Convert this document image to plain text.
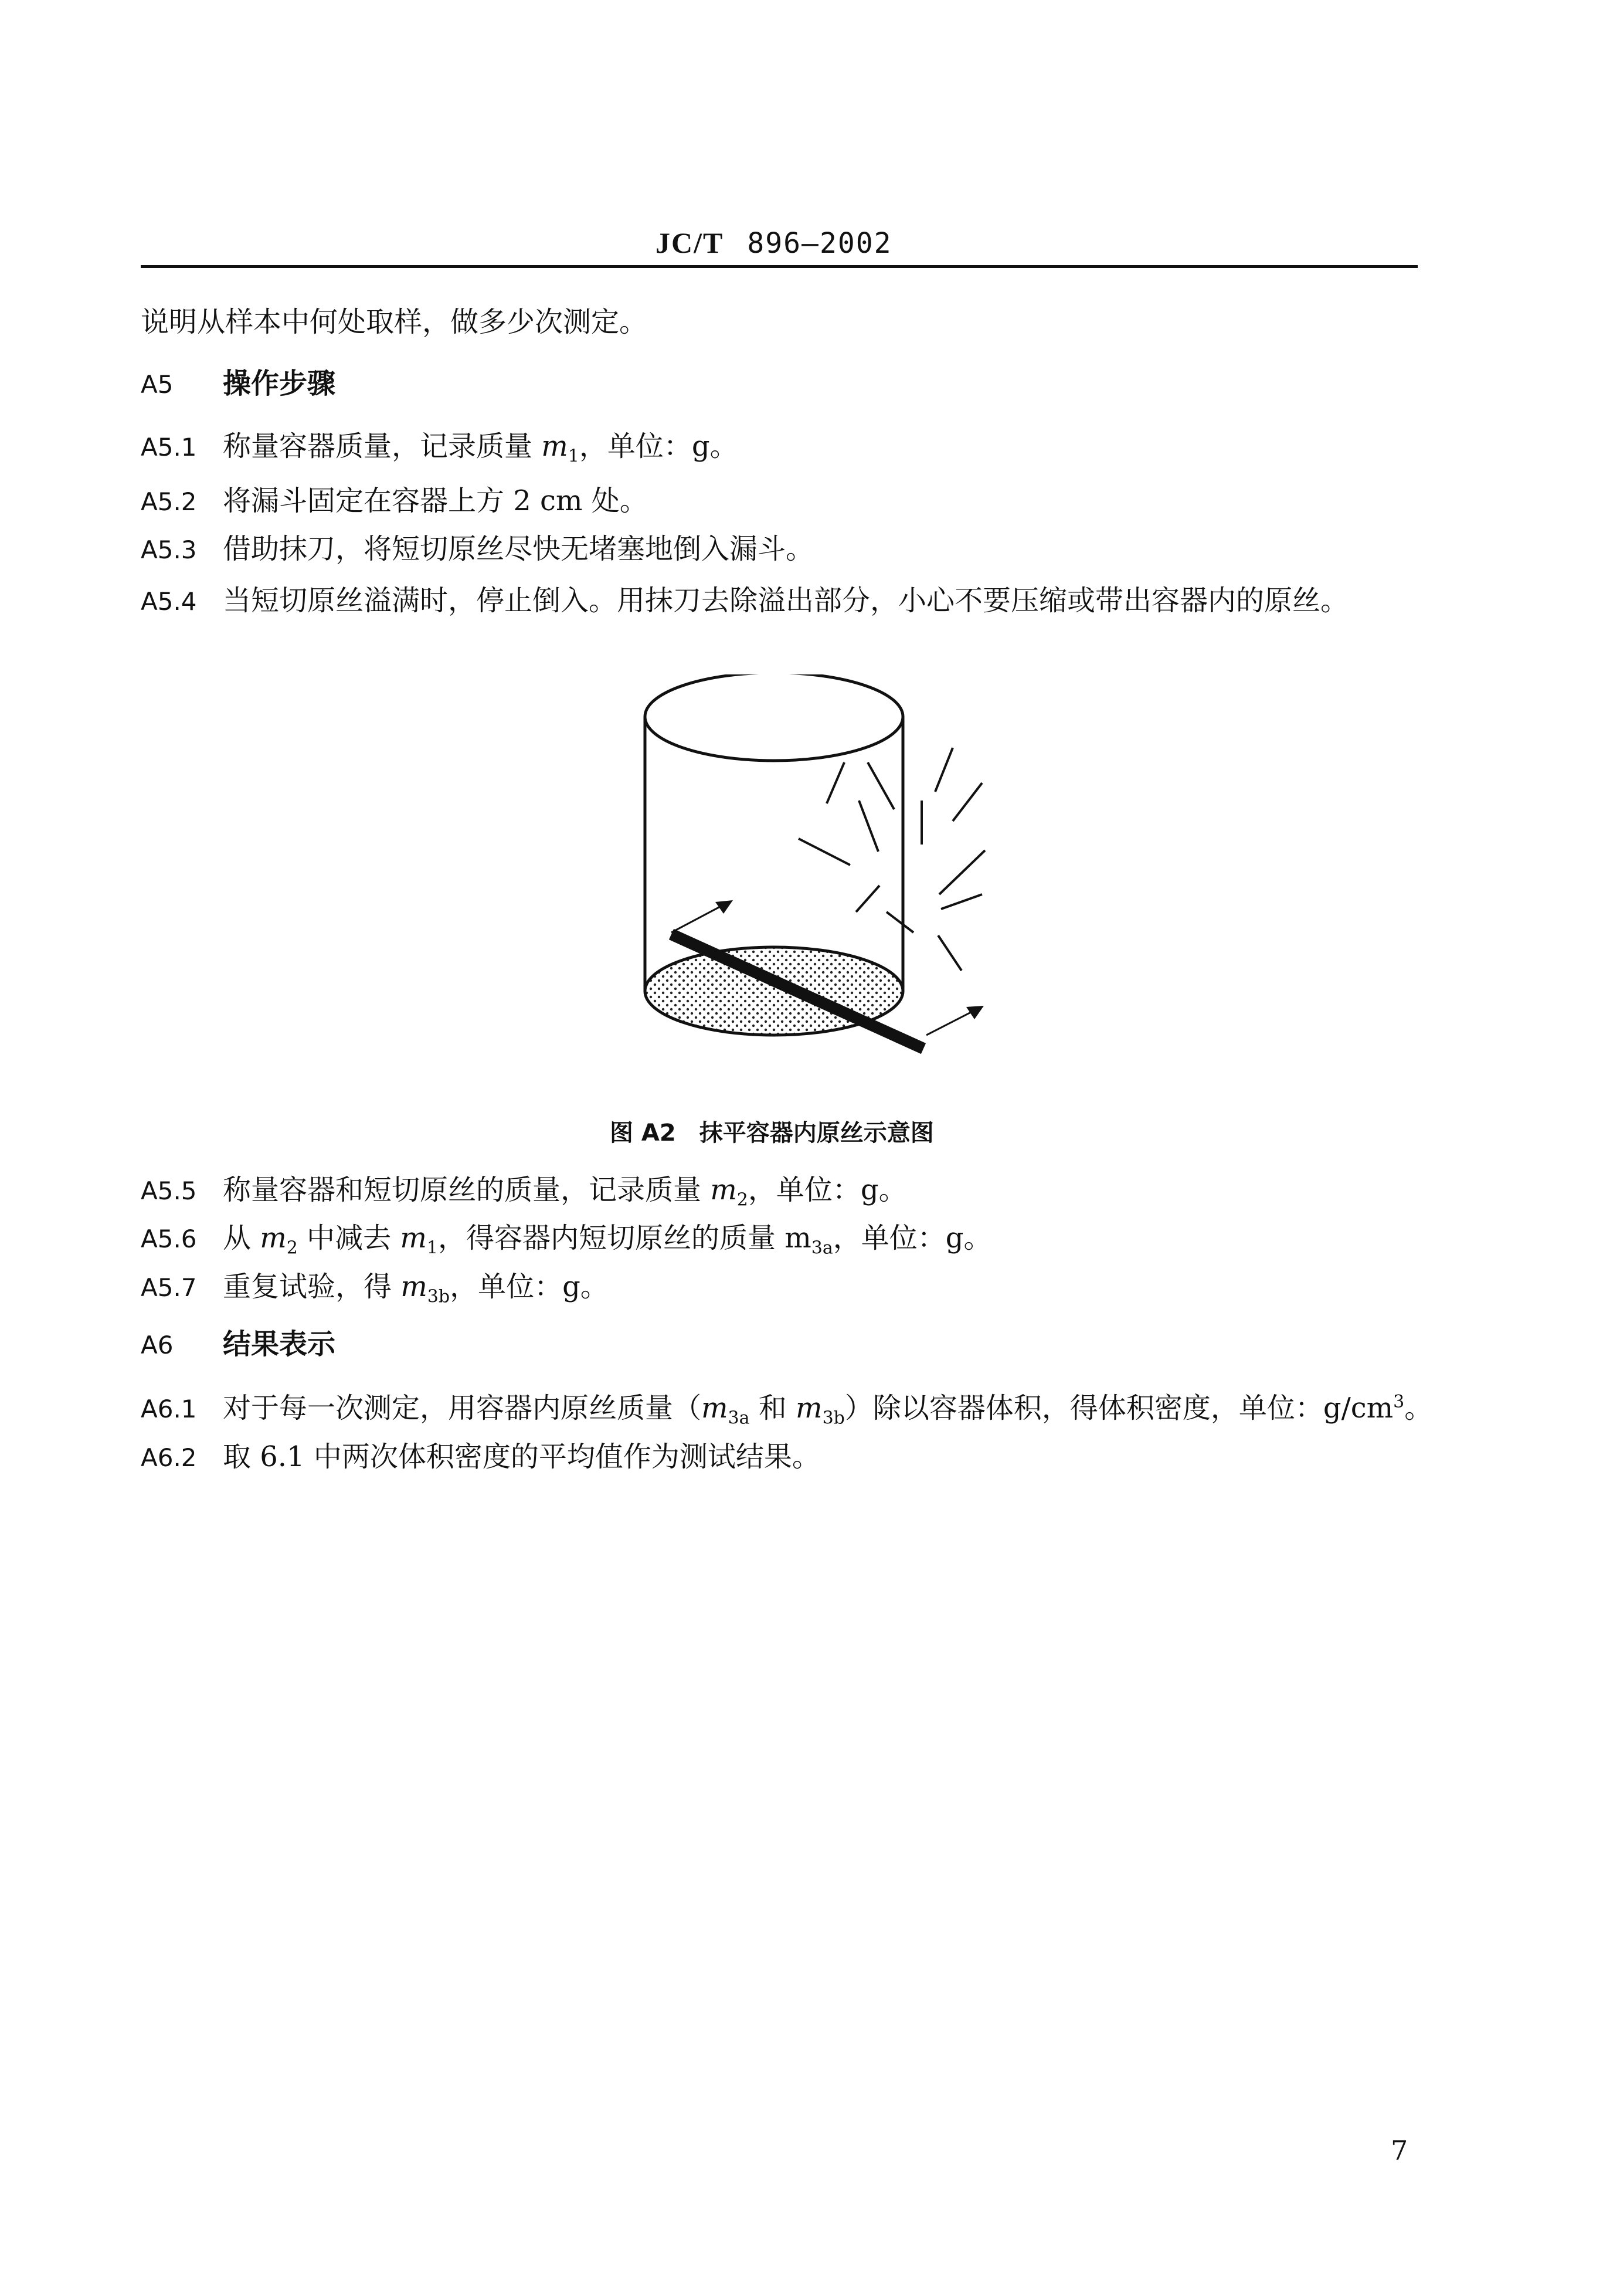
JC/T 896—2002
说明从样本中何处取样，做多少次测定。
A5 操作步骤
A5.1 称量容器质量，记录质量 $m_1$，单位：g。
A5.2 将漏斗固定在容器上方 2 cm 处。
A5.3 借助抹刀，将短切原丝尽快无堵塞地倒入漏斗。
A5.4 当短切原丝溢满时，停止倒入。用抹刀去除溢出部分，小心不要压缩或带出容器内的原丝。
图 A2　抹平容器内原丝示意图
A5.5 称量容器和短切原丝的质量，记录质量 $m_2$，单位：g。
A5.6 从 $m_2$ 中减去 $m_1$，得容器内短切原丝的质量 $m_{3a}$，单位：g。
A5.7 重复试验，得 $m_{3b}$，单位：g。
A6 结果表示
A6.1 对于每一次测定，用容器内原丝质量（$m_{3a}$ 和 $m_{3b}$）除以容器体积，得体积密度，单位：$g/cm^3$。
A6.2 取 6.1 中两次体积密度的平均值作为测试结果。
7
